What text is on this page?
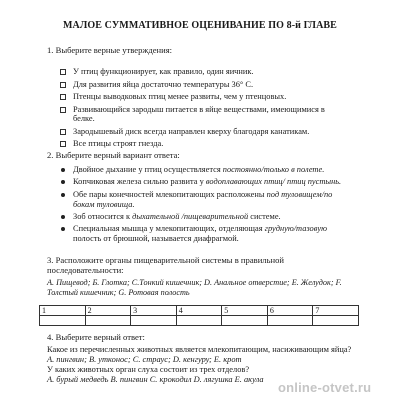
МАЛОЕ СУММАТИВНОЕ ОЦЕНИВАНИЕ ПО 8-й ГЛАВЕ
1. Выберите верные утверждения:
У птиц функционирует, как правило, один яичник.
Для развития яйца достаточно температуры 36° С.
Птенцы выводковых птиц менее развиты, чем у птенцовых.
Развивающийся зародыш питается в яйце веществами, имеющимися в белке.
Зародышевый диск всегда направлен кверху благодаря канатикам.
Все птицы строят гнезда.
2. Выберите верный вариант ответа:
Двойное дыхание у птиц осуществляется постоянно/только в полете.
Копчиковая железа сильно развита у водоплавающих птиц/ птиц пустынь.
Обе пары конечностей млекопитающих расположены под туловищем/по бокам туловища.
Зоб относится к дыхательной /пищеварительной системе.
Специальная мышца у млекопитающих, отделяющая грудную/тазовую полость от брюшной, называется диафрагмой.
3. Расположите органы пищеварительной системы в правильной последовательности:
А. Пищевод; Б. Глотка; С.Тонкий кишечник; D. Анальное отверстие; Е. Желудок; F. Толстый кишечник; G. Ротовая полость
1	2	3	4	5	6	7

4. Выберите верный ответ:
Какое из перечисленных животных является млекопитающим, насиживающим яйца?
А. пингвин; В. утконос; С. страус; D. кенгуру; Е. крот
У каких животных орган слуха состоит из трех отделов?
А. бурый медведь В. пингвин С. крокодил D. лягушка Е. акула
online-otvet.ru
